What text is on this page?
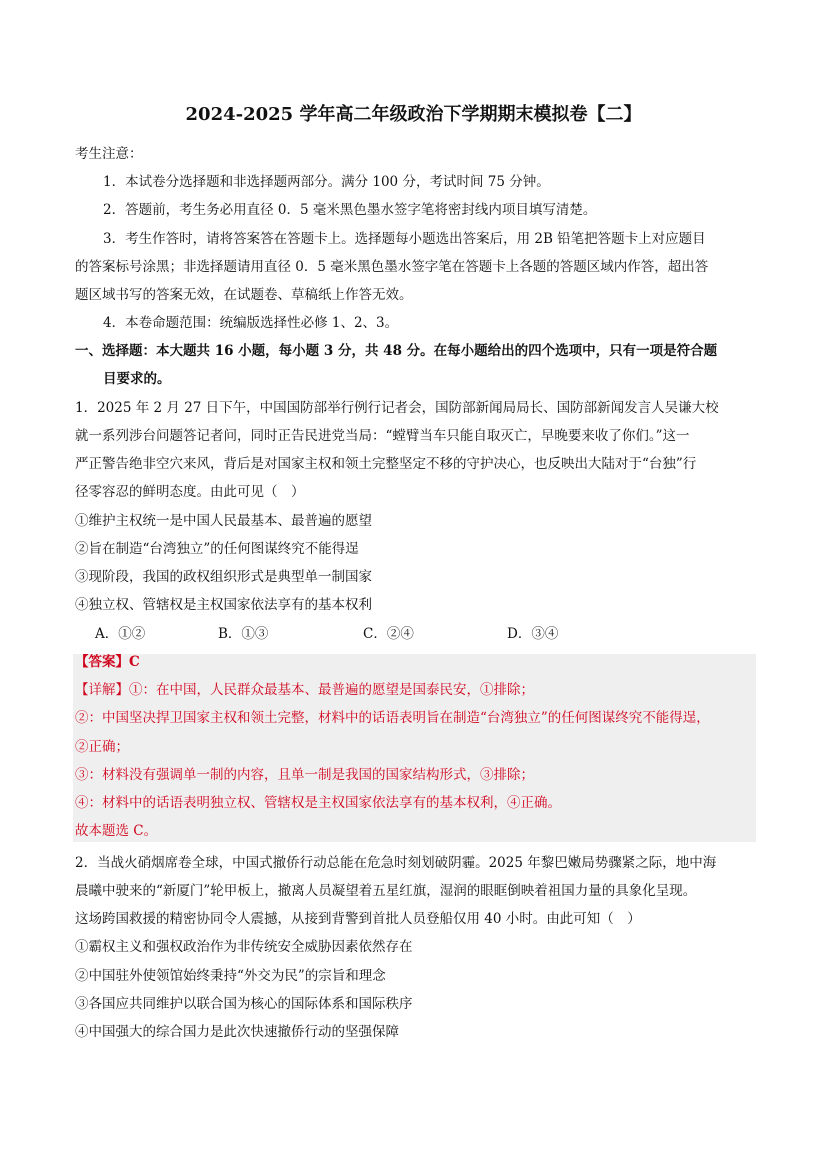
2024-2025 学年高二年级政治下学期期末模拟卷【二】
考生注意：
1．本试卷分选择题和非选择题两部分。满分 100 分，考试时间 75 分钟。
2．答题前，考生务必用直径 0．5 毫米黑色墨水签字笔将密封线内项目填写清楚。
3．考生作答时，请将答案答在答题卡上。选择题每小题选出答案后，用 2B 铅笔把答题卡上对应题目
的答案标号涂黑；非选择题请用直径 0．5 毫米黑色墨水签字笔在答题卡上各题的答题区域内作答，超出答
题区域书写的答案无效，在试题卷、草稿纸上作答无效。
4．本卷命题范围：统编版选择性必修 1、2、3。
一、选择题：本大题共 16 小题，每小题 3 分，共 48 分。在每小题给出的四个选项中，只有一项是符合题
目要求的。
1．2025 年 2 月 27 日下午，中国国防部举行例行记者会，国防部新闻局局长、国防部新闻发言人吴谦大校
就一系列涉台问题答记者问，同时正告民进党当局：“螳臂当车只能自取灭亡，早晚要来收了你们。”这一
严正警告绝非空穴来风，背后是对国家主权和领土完整坚定不移的守护决心，也反映出大陆对于“台独”行
径零容忍的鲜明态度。由此可见（　）
①维护主权统一是中国人民最基本、最普遍的愿望
②旨在制造“台湾独立”的任何图谋终究不能得逞
③现阶段，我国的政权组织形式是典型单一制国家
④独立权、管辖权是主权国家依法享有的基本权利
A．①②	B．①③	C．②④	D．③④
【答案】C
【详解】①：在中国，人民群众最基本、最普遍的愿望是国泰民安，①排除；
②：中国坚决捍卫国家主权和领土完整，材料中的话语表明旨在制造“台湾独立”的任何图谋终究不能得逞，
②正确；
③：材料没有强调单一制的内容，且单一制是我国的国家结构形式，③排除；
④：材料中的话语表明独立权、管辖权是主权国家依法享有的基本权利，④正确。
故本题选 C。
2．当战火硝烟席卷全球，中国式撤侨行动总能在危急时刻划破阴霾。2025 年黎巴嫩局势骤紧之际，地中海
晨曦中驶来的“新厦门”轮甲板上，撤离人员凝望着五星红旗，湿润的眼眶倒映着祖国力量的具象化呈现。
这场跨国救援的精密协同令人震撼，从接到背警到首批人员登船仅用 40 小时。由此可知（　）
①霸权主义和强权政治作为非传统安全威胁因素依然存在
②中国驻外使领馆始终秉持“外交为民”的宗旨和理念
③各国应共同维护以联合国为核心的国际体系和国际秩序
④中国强大的综合国力是此次快速撤侨行动的坚强保障
